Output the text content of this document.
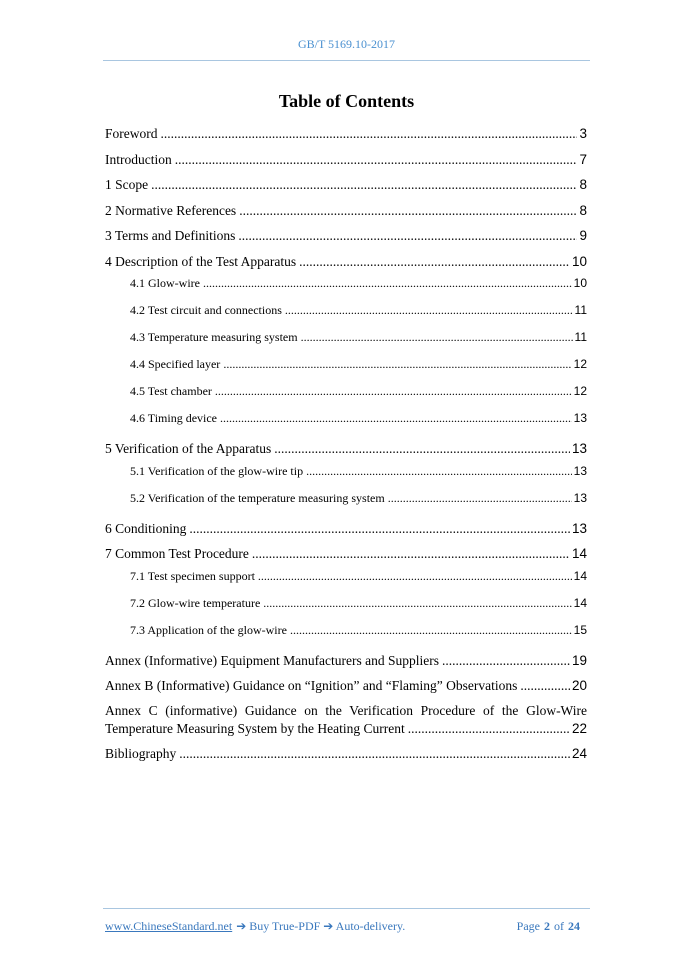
GB/T 5169.10-2017
Table of Contents
Foreword .....	3
Introduction .....	7
1 Scope .....	8
2 Normative References .....	8
3 Terms and Definitions .....	9
4 Description of the Test Apparatus .....	10
4.1 Glow-wire .....	10
4.2 Test circuit and connections .....	11
4.3 Temperature measuring system .....	11
4.4 Specified layer .....	12
4.5 Test chamber .....	12
4.6 Timing device .....	13
5 Verification of the Apparatus .....	13
5.1 Verification of the glow-wire tip .....	13
5.2 Verification of the temperature measuring system .....	13
6 Conditioning .....	13
7 Common Test Procedure .....	14
7.1 Test specimen support .....	14
7.2 Glow-wire temperature .....	14
7.3 Application of the glow-wire .....	15
Annex (Informative) Equipment Manufacturers and Suppliers .....	19
Annex B (Informative) Guidance on “Ignition” and “Flaming” Observations .....	20
Annex C (informative) Guidance on the Verification Procedure of the Glow-Wire
Temperature Measuring System by the Heating Current .....	22
Bibliography .....	24
www.ChineseStandard.net ➔ Buy True-PDF ➔ Auto-delivery.	Page 2 of 24
